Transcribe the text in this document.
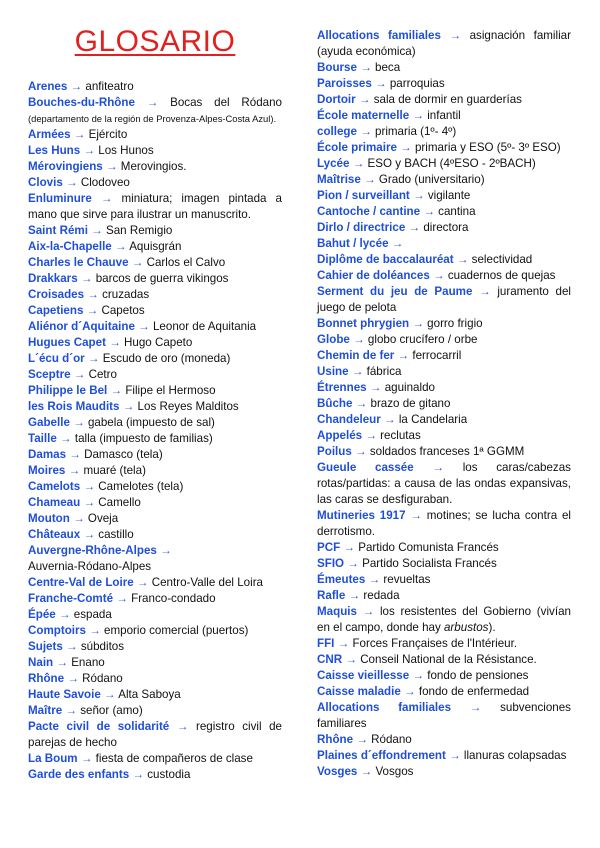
GLOSARIO
Arenes → anfiteatro
Bouches-du-Rhône → Bocas del Ródano (departamento de la región de Provenza-Alpes-Costa Azul).
Armées → Ejército
Les Huns → Los Hunos
Mérovingiens → Merovingios.
Clovis → Clodoveo
Enluminure → miniatura; imagen pintada a mano que sirve para ilustrar un manuscrito.
Saint Rémi → San Remigio
Aix-la-Chapelle → Aquisgrán
Charles le Chauve → Carlos el Calvo
Drakkars → barcos de guerra vikingos
Croisades → cruzadas
Capetiens → Capetos
Aliénor d´Aquitaine → Leonor de Aquitania
Hugues Capet → Hugo Capeto
L´écu d´or → Escudo de oro (moneda)
Sceptre → Cetro
Philippe le Bel → Filipe el Hermoso
les Rois Maudits → Los Reyes Malditos
Gabelle → gabela (impuesto de sal)
Taille → talla (impuesto de familias)
Damas → Damasco (tela)
Moires → muaré (tela)
Camelots → Camelotes (tela)
Chameau → Camello
Mouton → Oveja
Châteaux → castillo
Auvergne-Rhône-Alpes →
Auvernia-Ródano-Alpes
Centre-Val de Loire → Centro-Valle del Loira
Franche-Comté → Franco-condado
Épée → espada
Comptoirs → emporio comercial (puertos)
Sujets → súbditos
Nain → Enano
Rhône → Ródano
Haute Savoie → Alta Saboya
Maître → señor (amo)
Pacte civil de solidarité → registro civil de parejas de hecho
La Boum → fiesta de compañeros de clase
Garde des enfants → custodia
Allocations familiales → asignación familiar (ayuda económica)
Bourse → beca
Paroisses → parroquias
Dortoir → sala de dormir en guarderías
École maternelle → infantil
college → primaria (1º- 4º)
École primaire → primaria y ESO (5º- 3º ESO)
Lycée → ESO y BACH (4ºESO - 2ºBACH)
Maîtrise → Grado (universitario)
Pion / surveillant → vigilante
Cantoche / cantine → cantina
Dirlo / directrice → directora
Bahut / lycée →
Diplôme de baccalauréat → selectividad
Cahier de doléances → cuadernos de quejas
Serment du jeu de Paume → juramento del juego de pelota
Bonnet phrygien → gorro frigio
Globe → globo crucífero / orbe
Chemin de fer → ferrocarril
Usine → fábrica
Étrennes → aguinaldo
Bûche → brazo de gitano
Chandeleur → la Candelaria
Appelés → reclutas
Poilus → soldados franceses 1ª GGMM
Gueule cassée → los caras/cabezas rotas/partidas: a causa de las ondas expansivas, las caras se desfiguraban.
Mutineries 1917 → motines; se lucha contra el derrotismo.
PCF → Partido Comunista Francés
SFIO → Partido Socialista Francés
Émeutes → revueltas
Rafle → redada
Maquis → los resistentes del Gobierno (vivían en el campo, donde hay arbustos).
FFI → Forces Françaises de l'Intérieur.
CNR → Conseil National de la Résistance.
Caisse vieillesse → fondo de pensiones
Caisse maladie → fondo de enfermedad
Allocations familiales → subvenciones familiares
Rhône → Ródano
Plaines d´effondrement → llanuras colapsadas
Vosges → Vosgos
